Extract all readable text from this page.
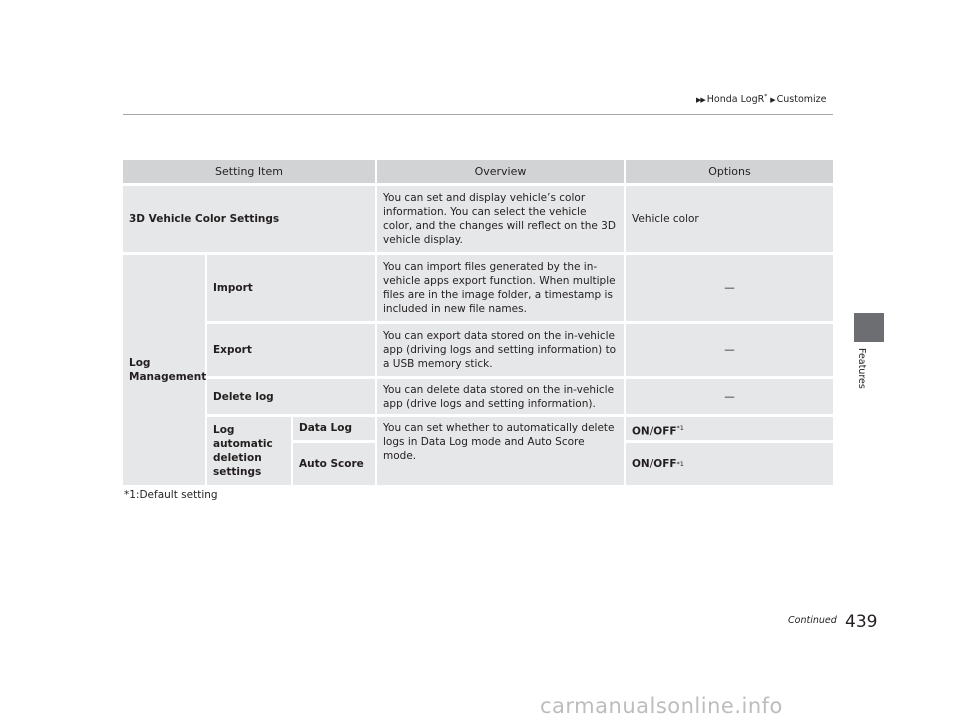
▶▶ Honda LogR* ▶ Customize
Features
Setting Item	Overview	Options
3D Vehicle Color Settings
You can set and display vehicle’s color information. You can select the vehicle color, and the changes will reflect on the 3D vehicle display.
Vehicle color
Log Management
Import
You can import files generated by the in-vehicle apps export function. When multiple files are in the image folder, a timestamp is included in new file names.
—
Export
You can export data stored on the in-vehicle app (driving logs and setting information) to a USB memory stick.
—
Delete log
You can delete data stored on the in-vehicle app (drive logs and setting information).
—
Log automatic deletion settings
Data Log
Auto Score
You can set whether to automatically delete logs in Data Log mode and Auto Score mode.
ON/OFF$^{*1}$
ON / OFF *1
*1:Default setting
Continued 439
carmanualsonline.info
